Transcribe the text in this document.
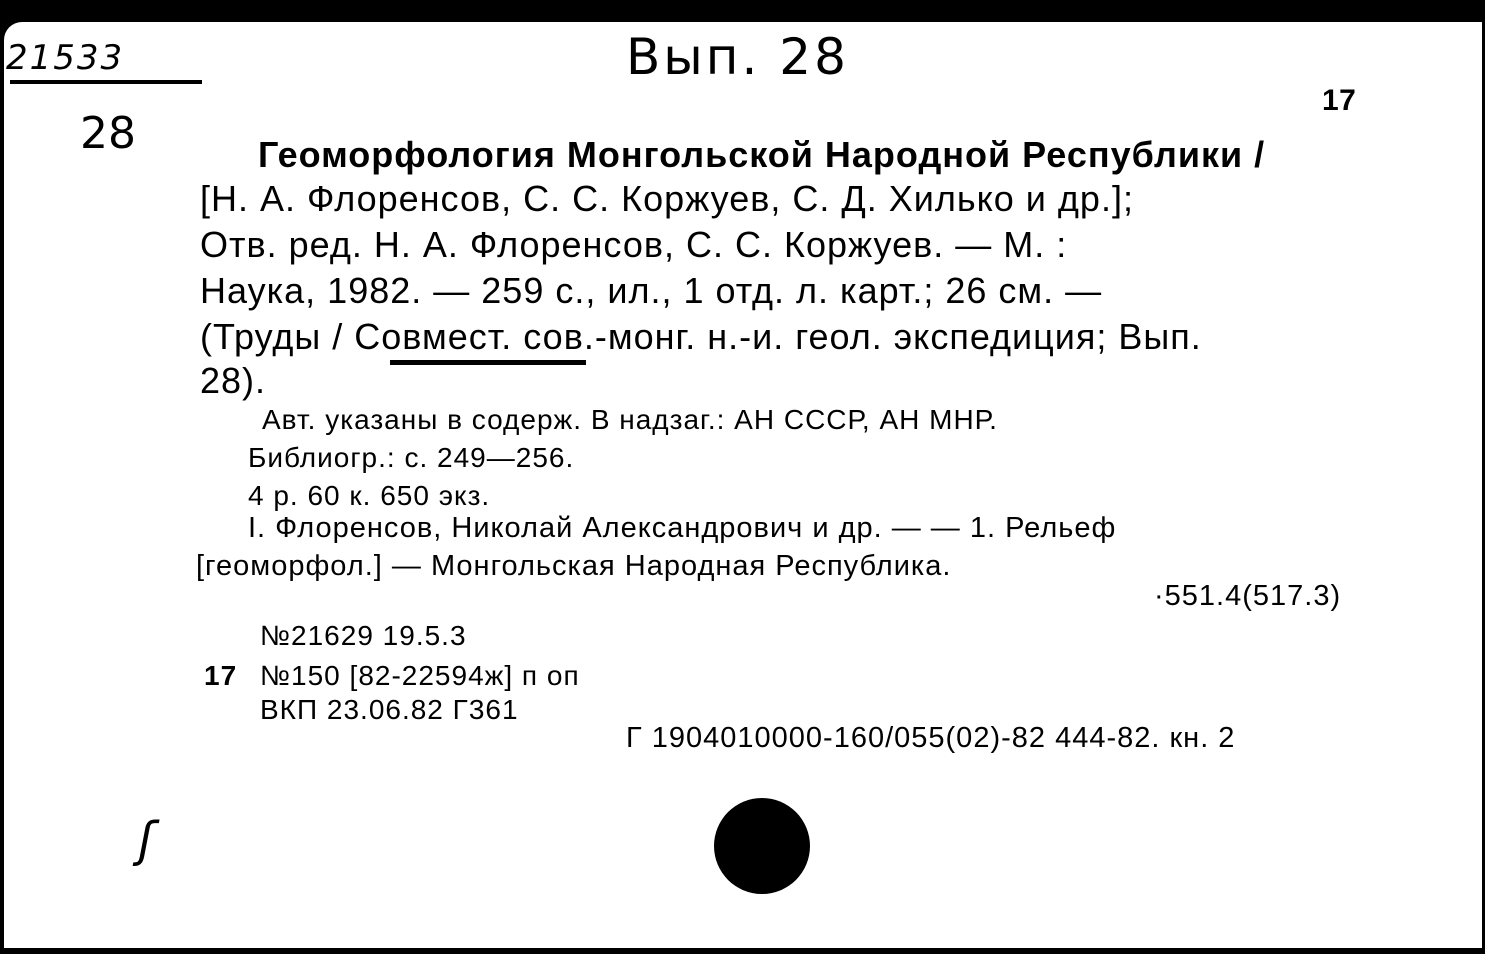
21533	Вып. 28
28
17
Геоморфология Монгольской Народной Республики /
[Н. А. Флоренсов, С. С. Коржуев, С. Д. Хилько и др.];
Отв. ред. Н. А. Флоренсов, С. С. Коржуев. — М. :
Наука, 1982. — 259 с., ил., 1 отд. л. карт.; 26 см. —
(Труды / Совмест. сов.-монг. н.-и. геол. экспедиция; Вып.
28).
Авт. указаны в содерж. В надзаг.: АН СССР, АН МНР.
Библиогр.: с. 249—256.
4 р. 60 к. 650 экз.
I. Флоренсов, Николай Александрович и др. — — 1. Рельеф
[геоморфол.] — Монгольская Народная Республика.
·551.4(517.3)
№21629 19.5.3
17 №150 [82-22594ж] п оп
ВКП 23.06.82 Г361
Г 1904010000-160/055(02)-82 444-82. кн. 2
ʃ
